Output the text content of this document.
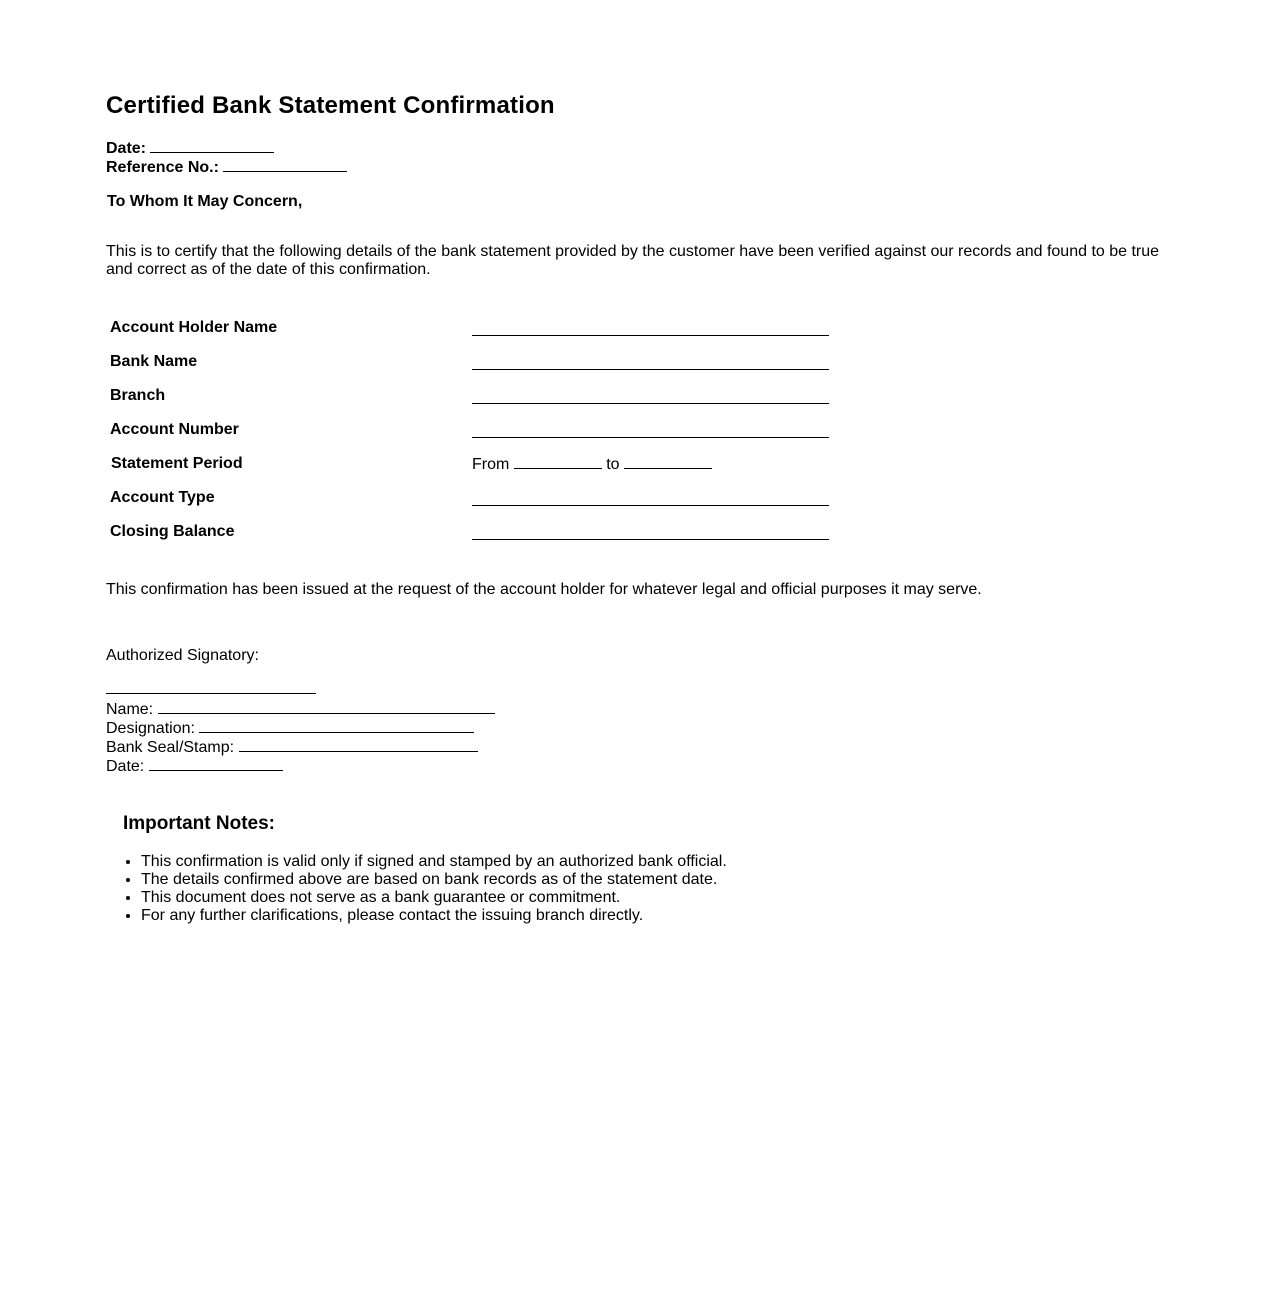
Certified Bank Statement Confirmation
Date:
Reference No.:
To Whom It May Concern,

This is to certify that the following details of the bank statement provided by the customer have been verified against our records and found to be true and correct as of the date of this confirmation.

Account Holder Name
Bank Name
Branch
Account Number
Statement Period	From	to
Account Type
Closing Balance

This confirmation has been issued at the request of the account holder for whatever legal and official purposes it may serve.

Authorized Signatory:
Name:
Designation:
Bank Seal/Stamp:
Date:
Important Notes:
• This confirmation is valid only if signed and stamped by an authorized bank official.
• The details confirmed above are based on bank records as of the statement date.
• This document does not serve as a bank guarantee or commitment.
• For any further clarifications, please contact the issuing branch directly.
